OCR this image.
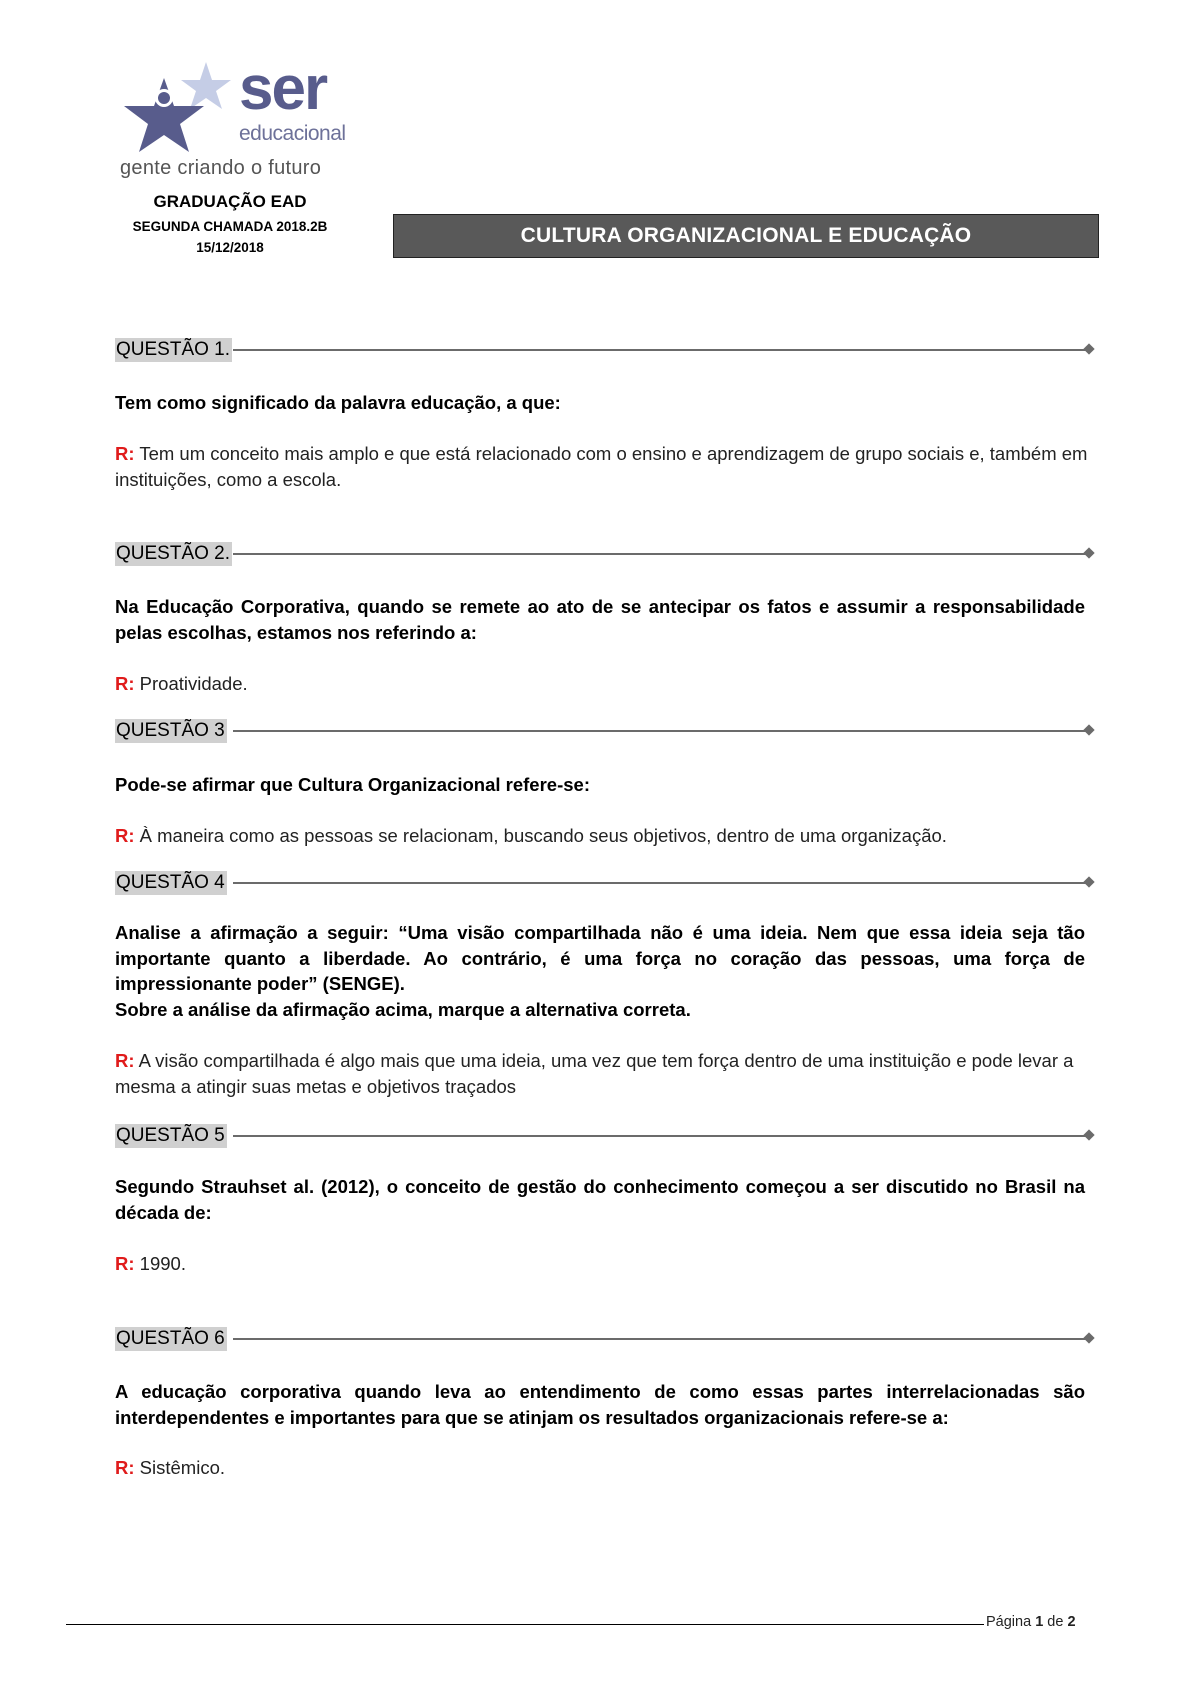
ser
educacional
gente criando o futuro
GRADUAÇÃO EAD
SEGUNDA CHAMADA 2018.2B
15/12/2018
CULTURA ORGANIZACIONAL E EDUCAÇÃO
QUESTÃO 1.
Tem como significado da palavra educação, a que:
R: Tem um conceito mais amplo e que está relacionado com o ensino e aprendizagem de grupo sociais e, também em instituições, como a escola.
QUESTÃO 2.
Na Educação Corporativa, quando se remete ao ato de se antecipar os fatos e assumir a responsabilidade pelas escolhas, estamos nos referindo a:
R: Proatividade.
QUESTÃO 3
Pode-se afirmar que Cultura Organizacional refere-se:
R: À maneira como as pessoas se relacionam, buscando seus objetivos, dentro de uma organização.
QUESTÃO 4
Analise a afirmação a seguir: “Uma visão compartilhada não é uma ideia. Nem que essa ideia seja tão importante quanto a liberdade. Ao contrário, é uma força no coração das pessoas, uma força de impressionante poder” (SENGE).
Sobre a análise da afirmação acima, marque a alternativa correta.
R: A visão compartilhada é algo mais que uma ideia, uma vez que tem força dentro de uma instituição e pode levar a mesma a atingir suas metas e objetivos traçados
QUESTÃO 5
Segundo Strauhset al. (2012), o conceito de gestão do conhecimento começou a ser discutido no Brasil na década de:
R: 1990.
QUESTÃO 6
A educação corporativa quando leva ao entendimento de como essas partes interrelacionadas são interdependentes e importantes para que se atinjam os resultados organizacionais refere-se a:
R: Sistêmico.
Página 1 de 2
